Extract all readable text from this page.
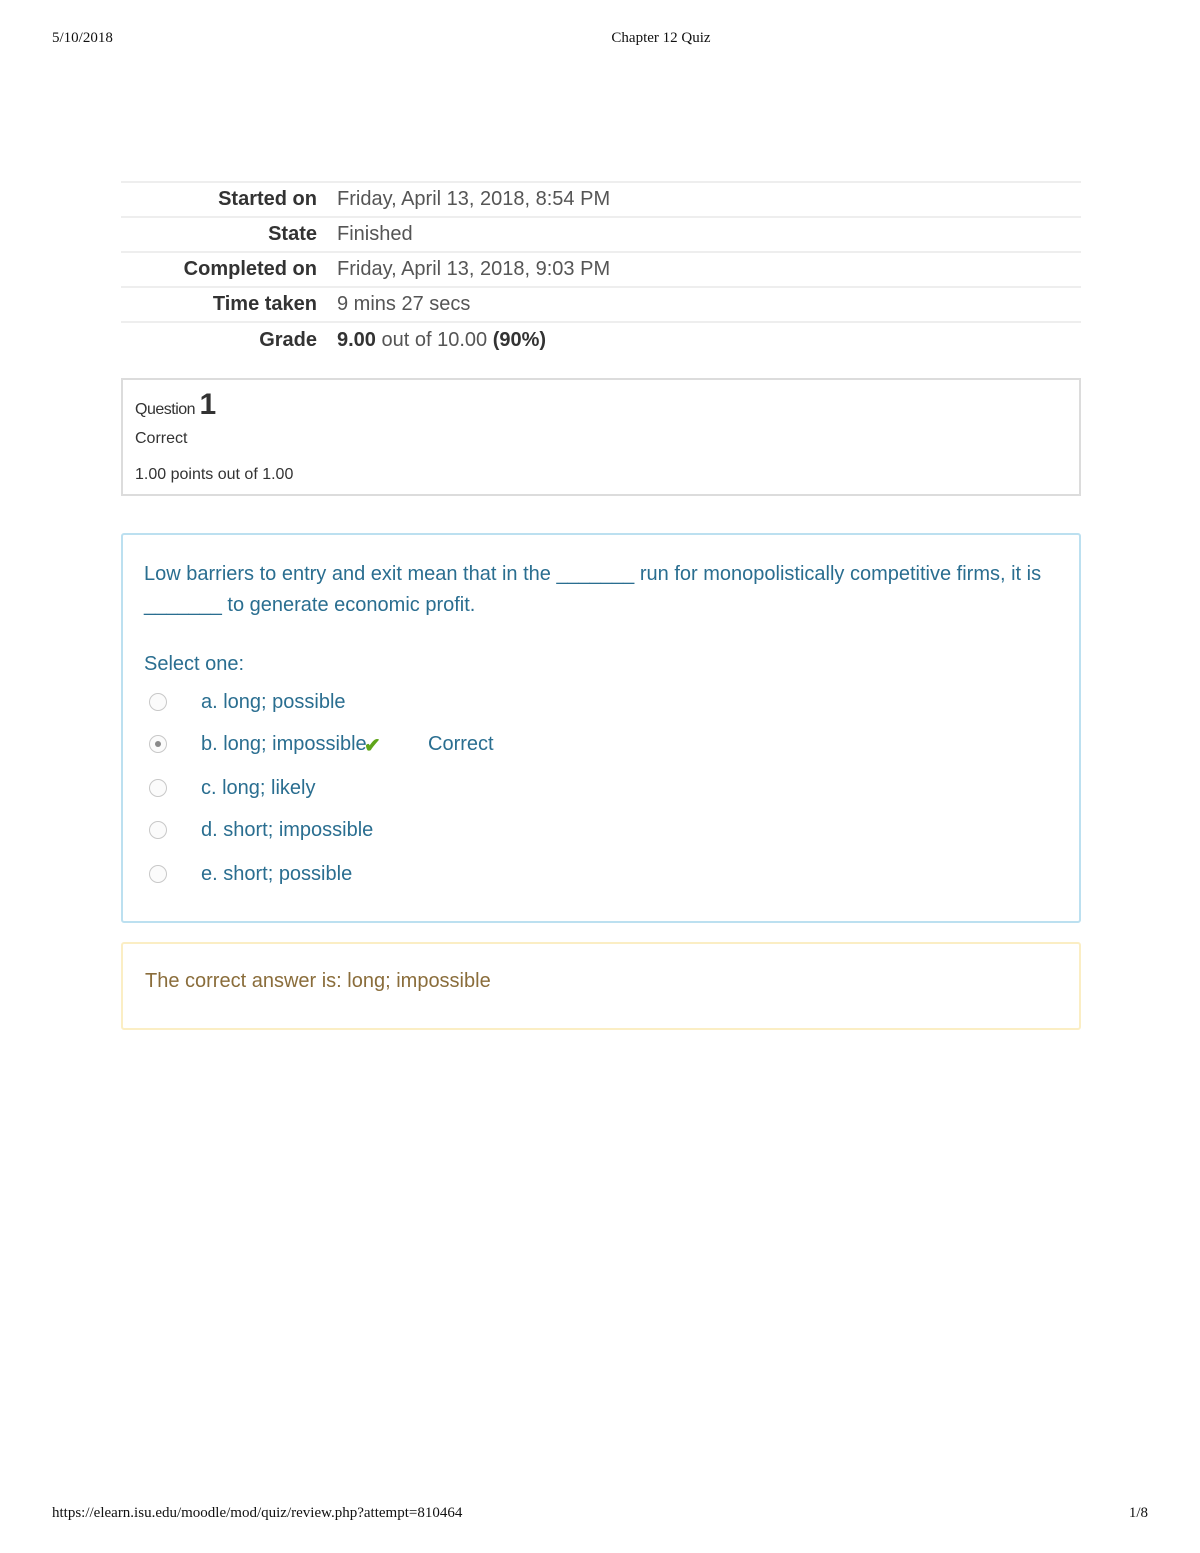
5/10/2018	Chapter 12 Quiz
Started on	Friday, April 13, 2018, 8:54 PM
State	Finished
Completed on	Friday, April 13, 2018, 9:03 PM
Time taken	9 mins 27 secs
Grade	9.00 out of 10.00 (90%)
Question 1
Correct
1.00 points out of 1.00
Low barriers to entry and exit mean that in the _______ run for monopolistically competitive firms, it is _______ to generate economic profit.
Select one:
a. long; possible
b. long; impossible
✔ Correct
c. long; likely
d. short; impossible
e. short; possible
The correct answer is: long; impossible
https://elearn.isu.edu/moodle/mod/quiz/review.php?attempt=810464	1/8
